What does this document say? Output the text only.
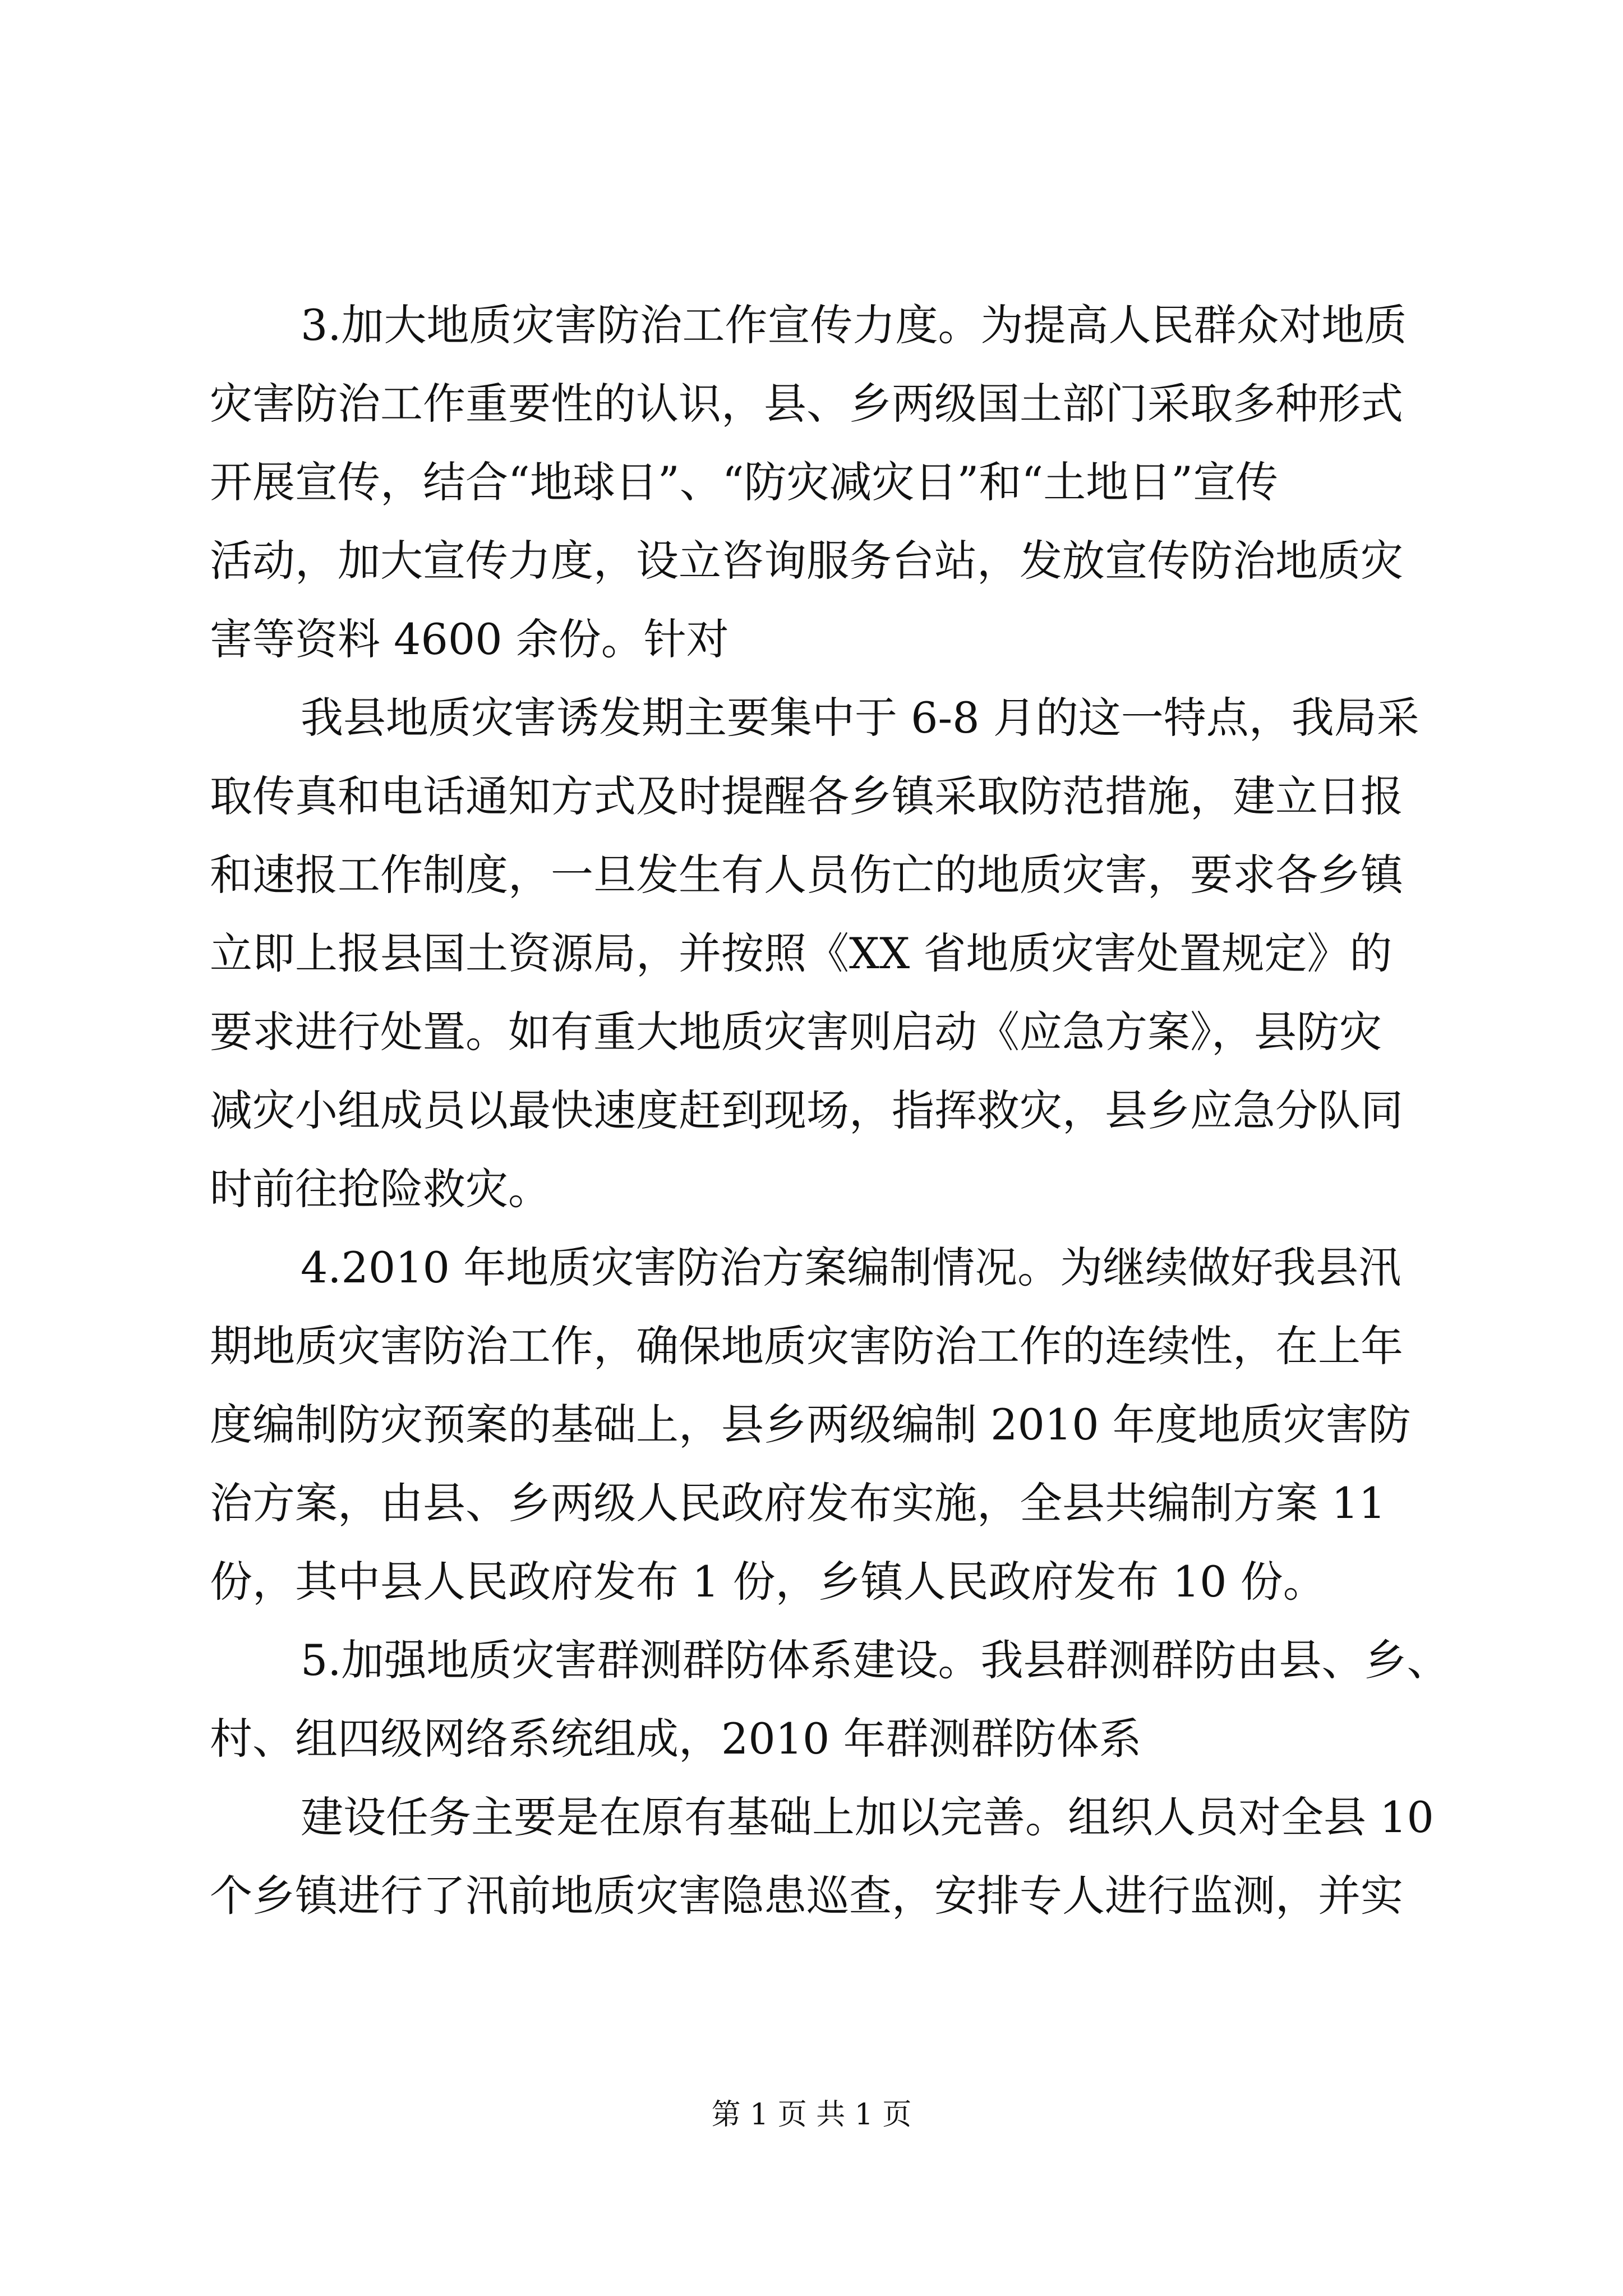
3.加大地质灾害防治工作宣传力度。为提高人民群众对地质

灾害防治工作重要性的认识，县、乡两级国土部门采取多种形式

开展宣传，结合“地球日”、“防灾减灾日”和“土地日”宣传

活动，加大宣传力度，设立咨询服务台站，发放宣传防治地质灾

害等资料 4600 余份。针对

我县地质灾害诱发期主要集中于 6-8 月的这一特点，我局采

取传真和电话通知方式及时提醒各乡镇采取防范措施，建立日报

和速报工作制度，一旦发生有人员伤亡的地质灾害，要求各乡镇

立即上报县国土资源局，并按照《XX 省地质灾害处置规定》的

要求进行处置。如有重大地质灾害则启动《应急方案》，县防灾

减灾小组成员以最快速度赶到现场，指挥救灾，县乡应急分队同

时前往抢险救灾。

4.2010 年地质灾害防治方案编制情况。为继续做好我县汛

期地质灾害防治工作，确保地质灾害防治工作的连续性，在上年

度编制防灾预案的基础上，县乡两级编制 2010 年度地质灾害防

治方案，由县、乡两级人民政府发布实施，全县共编制方案 11

份，其中县人民政府发布 1 份，乡镇人民政府发布 10 份。

5.加强地质灾害群测群防体系建设。我县群测群防由县、乡、

村、组四级网络系统组成，2010 年群测群防体系

建设任务主要是在原有基础上加以完善。组织人员对全县 10

个乡镇进行了汛前地质灾害隐患巡查，安排专人进行监测，并实

第 1 页 共 1 页
